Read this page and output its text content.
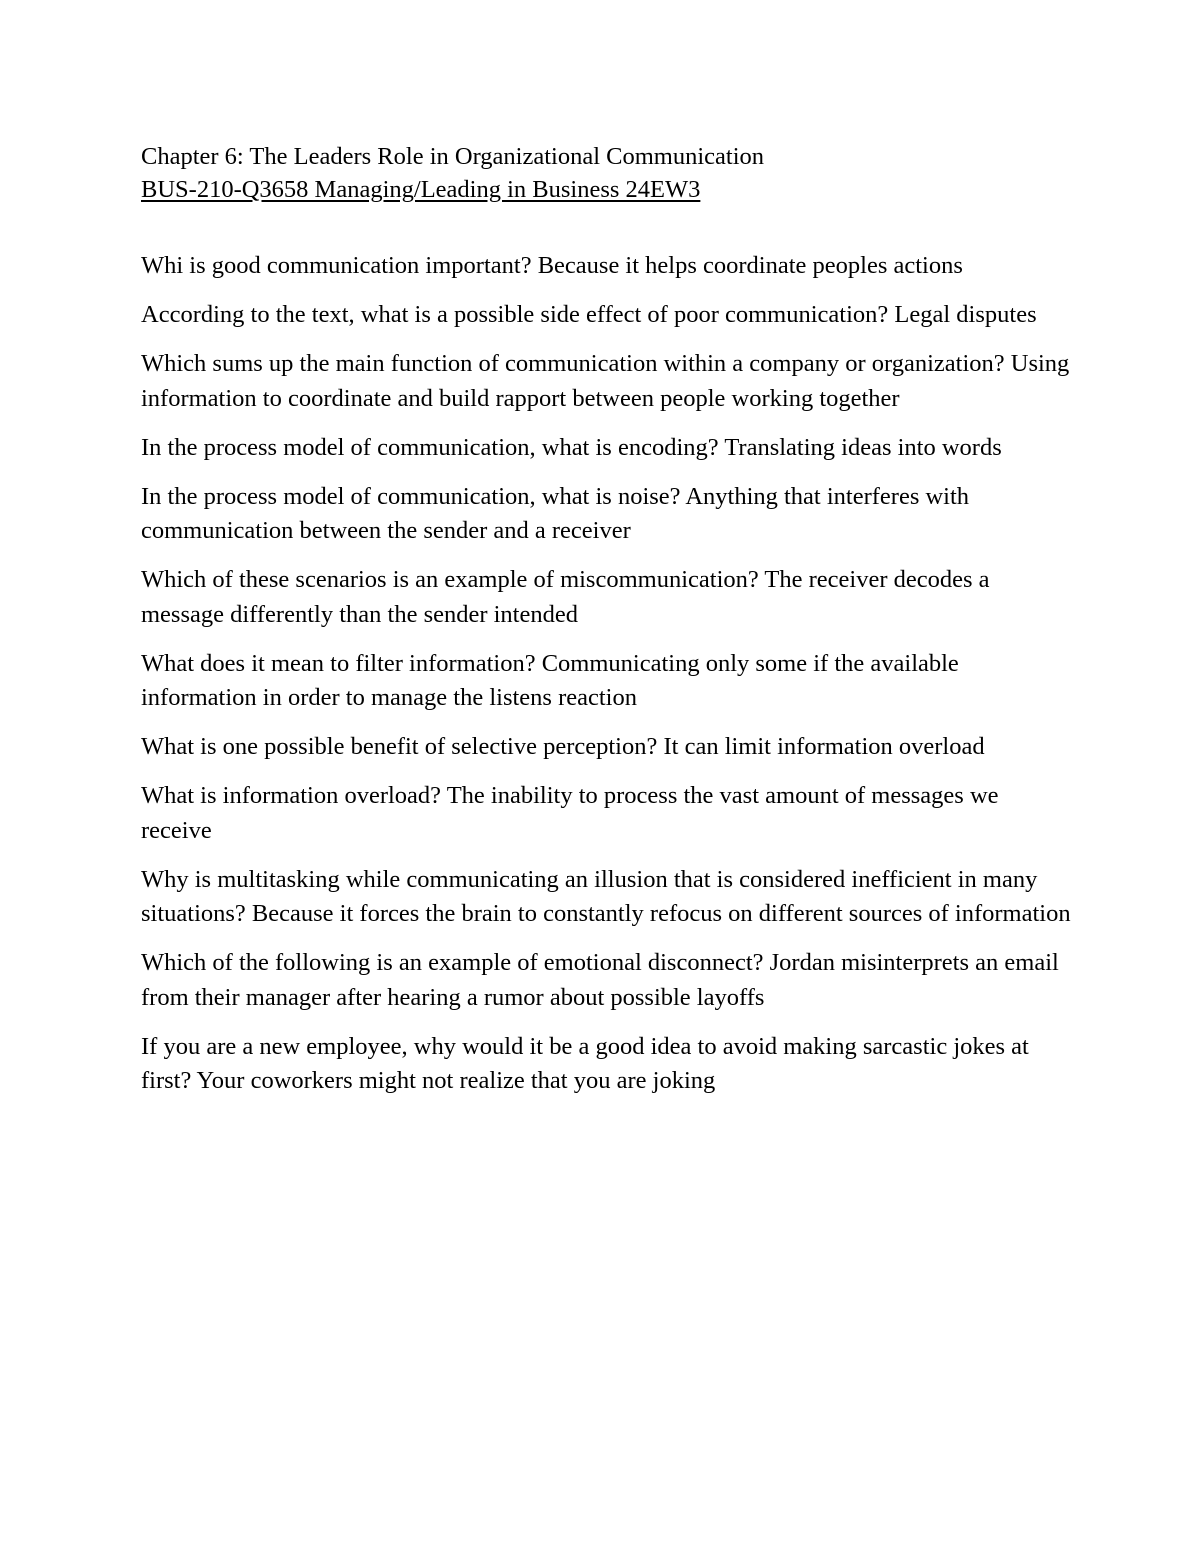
Chapter 6: The Leaders Role in Organizational Communication

BUS-210-Q3658 Managing/Leading in Business 24EW3

Whi is good communication important? Because it helps coordinate peoples actions
According to the text, what is a possible side effect of poor communication? Legal disputes
Which sums up the main function of communication within a company or organization? Using information to coordinate and build rapport between people working together
In the process model of communication, what is encoding? Translating ideas into words
In the process model of communication, what is noise? Anything that interferes with communication between the sender and a receiver
Which of these scenarios is an example of miscommunication? The receiver decodes a message differently than the sender intended
What does it mean to filter information? Communicating only some if the available information in order to manage the listens reaction
What is one possible benefit of selective perception? It can limit information overload
What is information overload? The inability to process the vast amount of messages we receive
Why is multitasking while communicating an illusion that is considered inefficient in many situations? Because it forces the brain to constantly refocus on different sources of information
Which of the following is an example of emotional disconnect? Jordan misinterprets an email from their manager after hearing a rumor about possible layoffs
If you are a new employee, why would it be a good idea to avoid making sarcastic jokes at first? Your coworkers might not realize that you are joking
